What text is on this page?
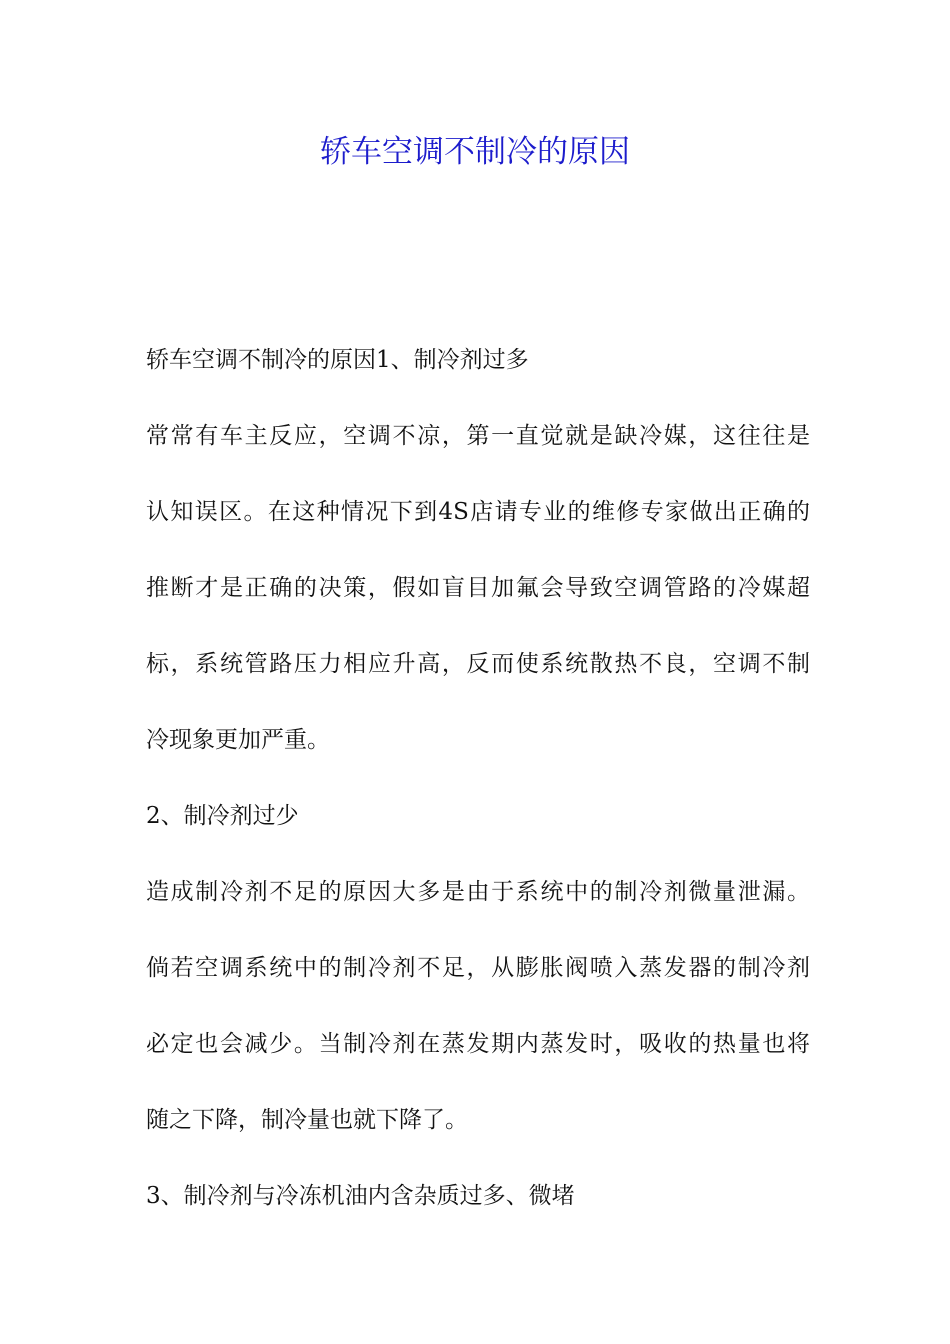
轿车空调不制冷的原因
轿车空调不制冷的原因1、制冷剂过多
常常有车主反应，空调不凉，第一直觉就是缺冷媒，这往往是
认知误区。在这种情况下到4S店请专业的维修专家做出正确的
推断才是正确的决策，假如盲目加氟会导致空调管路的冷媒超
标，系统管路压力相应升高，反而使系统散热不良，空调不制
冷现象更加严重。
2、制冷剂过少
造成制冷剂不足的原因大多是由于系统中的制冷剂微量泄漏。
倘若空调系统中的制冷剂不足，从膨胀阀喷入蒸发器的制冷剂
必定也会减少。当制冷剂在蒸发期内蒸发时，吸收的热量也将
随之下降，制冷量也就下降了。
3、制冷剂与冷冻机油内含杂质过多、微堵
